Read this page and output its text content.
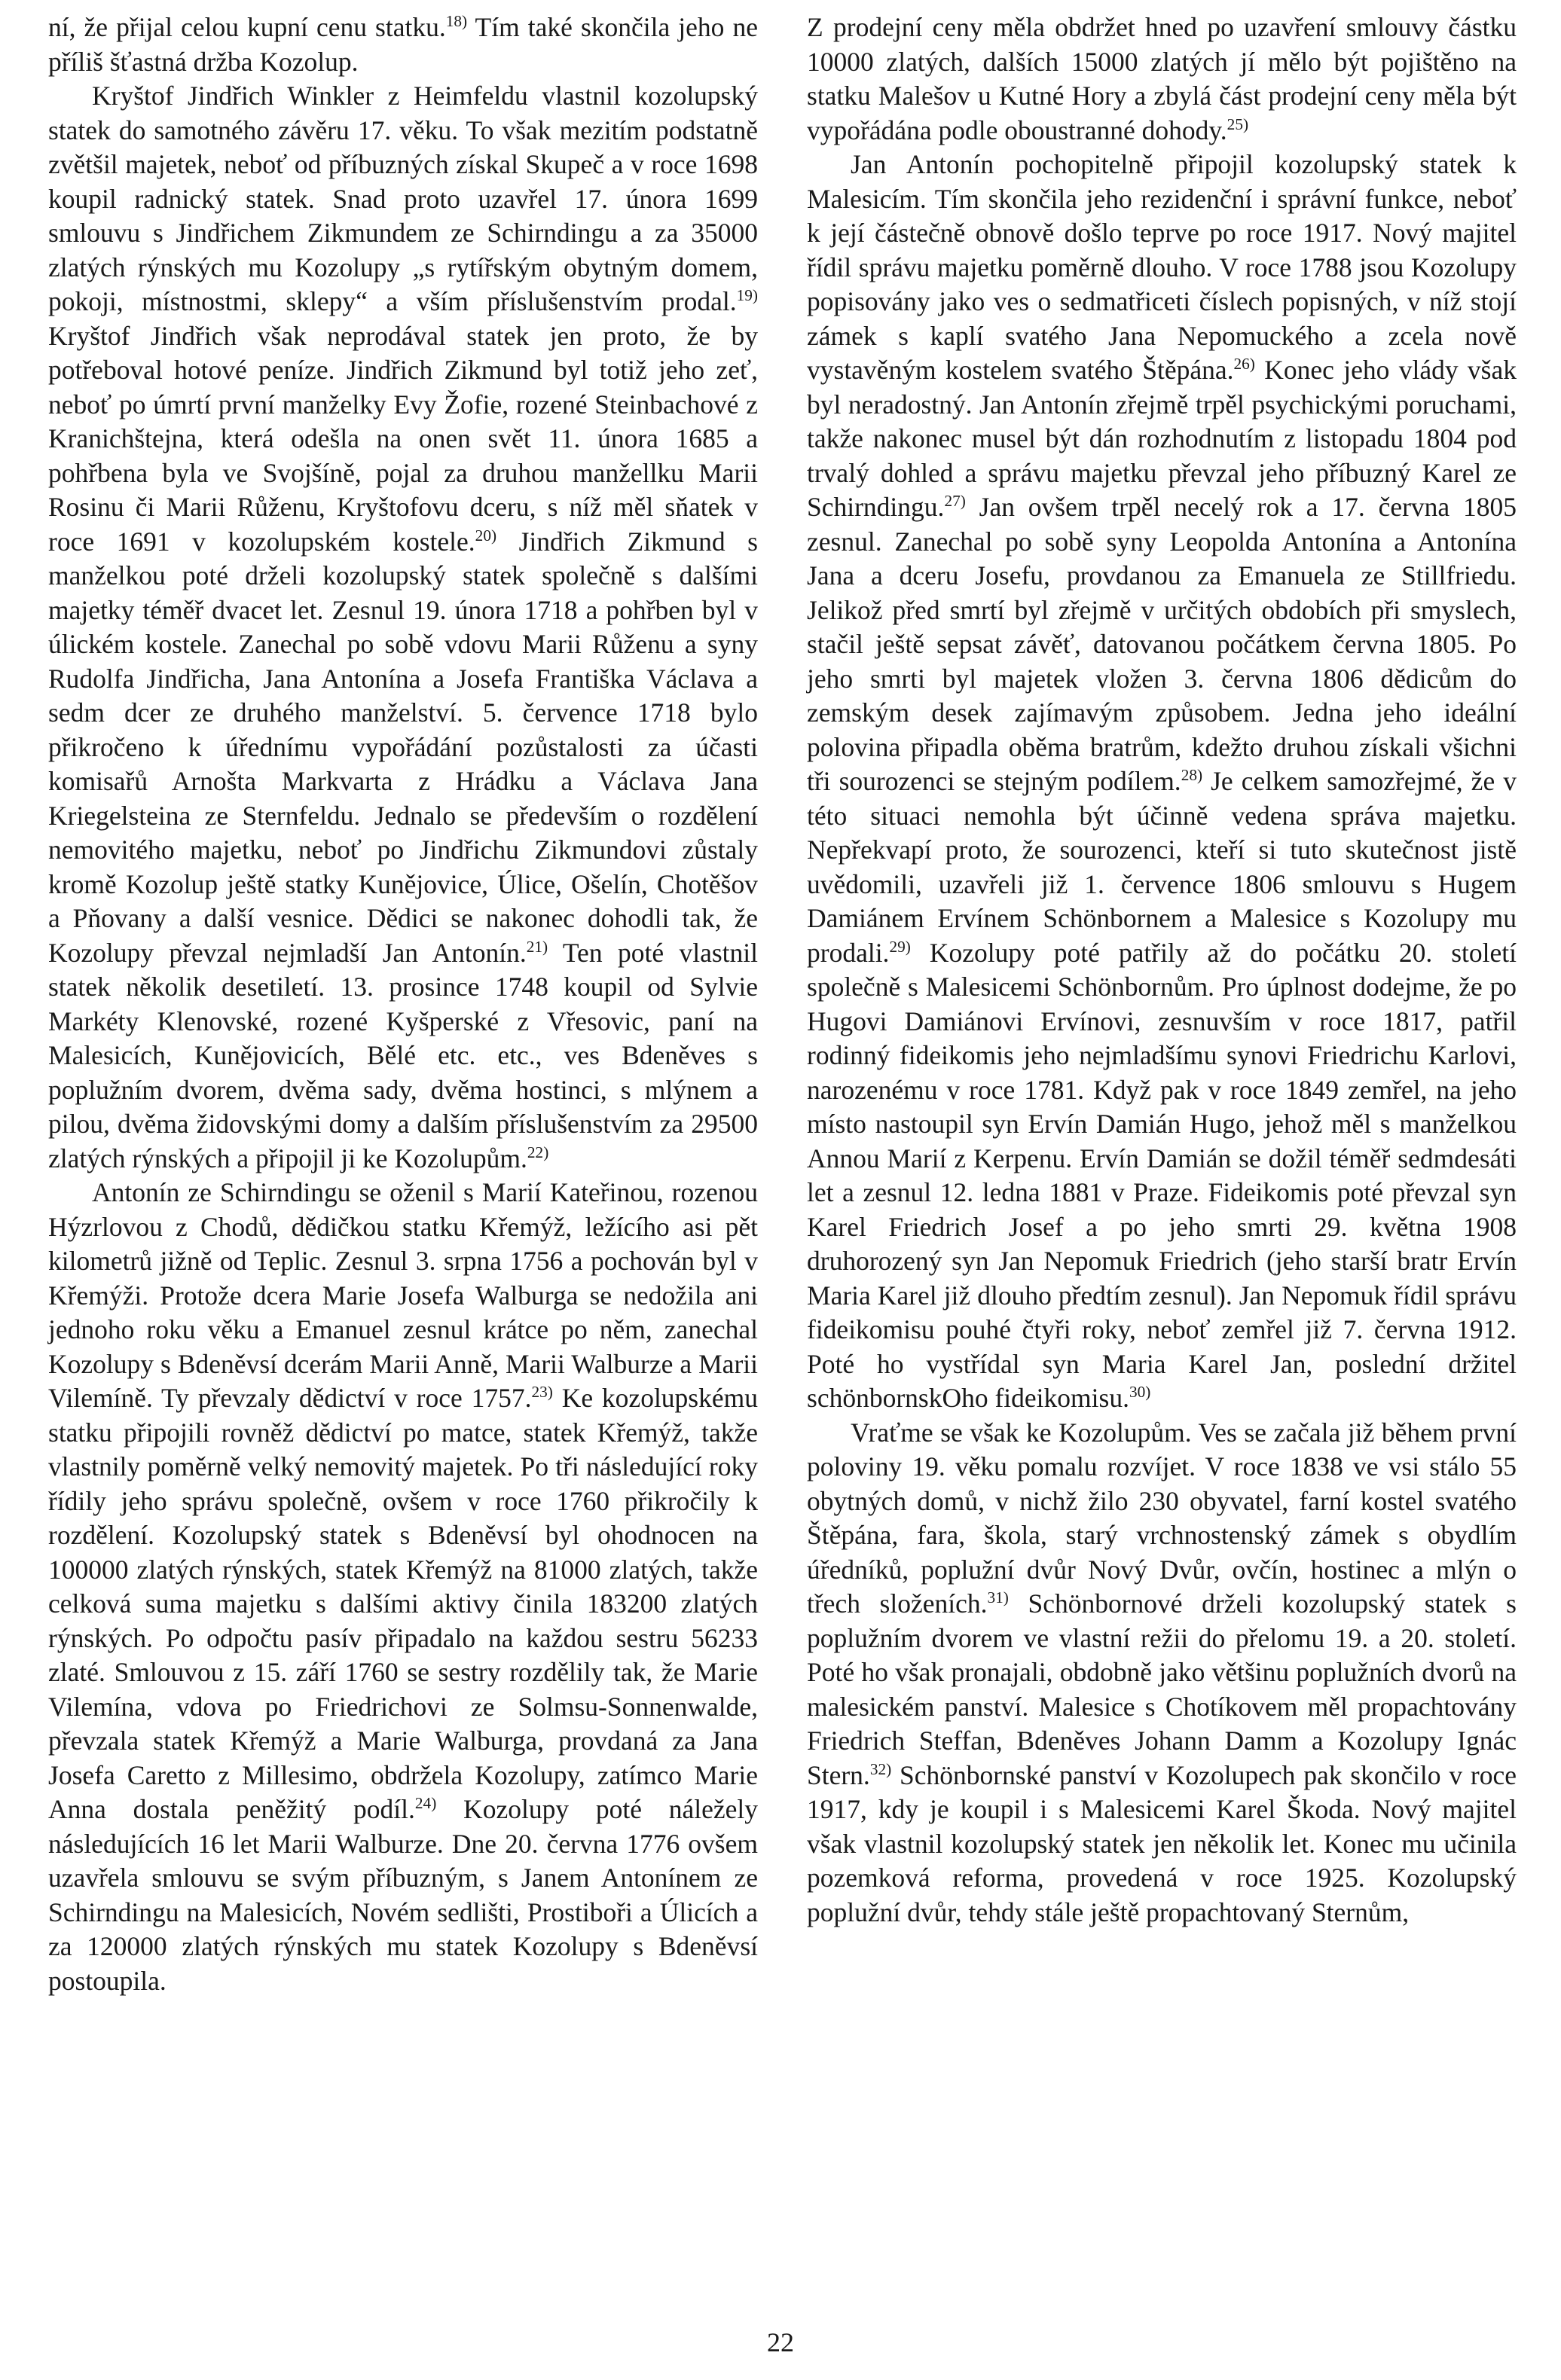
ní, že přijal celou kupní cenu statku.$^{18)}$ Tím také skončila jeho ne příliš šťastná držba Kozolup.

Kryštof Jindřich Winkler z Heimfeldu vlastnil kozolupský statek do samotného závěru 17. věku. To však mezitím podstatně zvětšil majetek, neboť od příbuzných získal Skupeč a v roce 1698 koupil radnický statek. Snad proto uzavřel 17. února 1699 smlouvu s Jindřichem Zikmundem ze Schirndingu a za 35000 zlatých rýnských mu Kozolupy „s rytířským obytným domem, pokoji, místnostmi, sklepy“ a vším příslušenstvím prodal.$^{19)}$ Kryštof Jindřich však neprodával statek jen proto, že by potřeboval hotové peníze. Jindřich Zikmund byl totiž jeho zeť, neboť po úmrtí první manželky Evy Žofie, rozené Steinbachové z Kranichštejna, která odešla na onen svět 11. února 1685 a pohřbena byla ve Svojšíně, pojal za druhou manžellku Marii Rosinu či Marii Růženu, Kryštofovu dceru, s níž měl sňatek v roce 1691 v kozolupském kostele.$^{20)}$ Jindřich Zikmund s manželkou poté drželi kozolupský statek společně s dalšími majetky téměř dvacet let. Zesnul 19. února 1718 a pohřben byl v úlickém kostele. Zanechal po sobě vdovu Marii Růženu a syny Rudolfa Jindřicha, Jana Antonína a Josefa Františka Václava a sedm dcer ze druhého manželství. 5. července 1718 bylo přikročeno k úřednímu vypořádání pozůstalosti za účasti komisařů Arnošta Markvarta z Hrádku a Václava Jana Kriegelsteina ze Sternfeldu. Jednalo se především o rozdělení nemovitého majetku, neboť po Jindřichu Zikmundovi zůstaly kromě Kozolup ještě statky Kunějovice, Úlice, Ošelín, Chotěšov a Pňovany a další vesnice. Dědici se nakonec dohodli tak, že Kozolupy převzal nejmladší Jan Antonín.$^{21)}$ Ten poté vlastnil statek několik desetiletí. 13. prosince 1748 koupil od Sylvie Markéty Klenovské, rozené Kyšperské z Vřesovic, paní na Malesicích, Kunějovicích, Bělé etc. etc., ves Bdeněves s poplužním dvorem, dvěma sady, dvěma hostinci, s mlýnem a pilou, dvěma židovskými domy a dalším příslušenstvím za 29500 zlatých rýnských a připojil ji ke Kozolupům.$^{22)}$

Antonín ze Schirndingu se oženil s Marií Kateřinou, rozenou Hýzrlovou z Chodů, dědičkou statku Křemýž, ležícího asi pět kilometrů jižně od Teplic. Zesnul 3. srpna 1756 a pochován byl v Křemýži. Protože dcera Marie Josefa Walburga se nedožila ani jednoho roku věku a Emanuel zesnul krátce po něm, zanechal Kozolupy s Bdeněvsí dcerám Marii Anně, Marii Walburze a Marii Vilemíně. Ty převzaly dědictví v roce 1757.$^{23)}$ Ke kozolupskému statku připojili rovněž dědictví po matce, statek Křemýž, takže vlastnily poměrně velký nemovitý majetek. Po tři následující roky řídily jeho správu společně, ovšem v roce 1760 přikročily k rozdělení. Kozolupský statek s Bdeněvsí byl ohodnocen na 100000 zlatých rýnských, statek Křemýž na 81000 zlatých, takže celková suma majetku s dalšími aktivy činila 183200 zlatých rýnských. Po odpočtu pasív připadalo na každou sestru 56233 zlaté. Smlouvou z 15. září 1760 se sestry rozdělily tak, že Marie Vilemína, vdova po Friedrichovi ze Solmsu-Sonnenwalde, převzala statek Křemýž a Marie Walburga, provdaná za Jana Josefa Caretto z Millesimo, obdržela Kozolupy, zatímco Marie Anna dostala peněžitý podíl.$^{24)}$ Kozolupy poté náležely následujících 16 let Marii Walburze. Dne 20. června 1776 ovšem uzavřela smlouvu se svým příbuzným, s Janem Antonínem ze Schirndingu na Malesicích, Novém sedlišti, Prostiboři a Úlicích a za 120000 zlatých rýnských mu statek Kozolupy s Bdeněvsí postoupila.

Z prodejní ceny měla obdržet hned po uzavření smlouvy částku 10000 zlatých, dalších 15000 zlatých jí mělo být pojištěno na statku Malešov u Kutné Hory a zbylá část prodejní ceny měla být vypořádána podle oboustranné dohody.$^{25)}$

Jan Antonín pochopitelně připojil kozolupský statek k Malesicím. Tím skončila jeho rezidenční i správní funkce, neboť k její částečně obnově došlo teprve po roce 1917. Nový majitel řídil správu majetku poměrně dlouho. V roce 1788 jsou Kozolupy popisovány jako ves o sedmatřiceti číslech popisných, v níž stojí zámek s kaplí svatého Jana Nepomuckého a zcela nově vystavěným kostelem svatého Štěpána.$^{26)}$ Konec jeho vlády však byl neradostný. Jan Antonín zřejmě trpěl psychickými poruchami, takže nakonec musel být dán rozhodnutím z listopadu 1804 pod trvalý dohled a správu majetku převzal jeho příbuzný Karel ze Schirndingu.$^{27)}$ Jan ovšem trpěl necelý rok a 17. června 1805 zesnul. Zanechal po sobě syny Leopolda Antonína a Antonína Jana a dceru Josefu, provdanou za Emanuela ze Stillfriedu. Jelikož před smrtí byl zřejmě v určitých obdobích při smyslech, stačil ještě sepsat závěť, datovanou počátkem června 1805. Po jeho smrti byl majetek vložen 3. června 1806 dědicům do zemským desek zajímavým způsobem. Jedna jeho ideální polovina připadla oběma bratrům, kdežto druhou získali všichni tři sourozenci se stejným podílem.$^{28)}$ Je celkem samozřejmé, že v této situaci nemohla být účinně vedena správa majetku. Nepřekvapí proto, že sourozenci, kteří si tuto skutečnost jistě uvědomili, uzavřeli již 1. července 1806 smlouvu s Hugem Damiánem Ervínem Schönbornem a Malesice s Kozolupy mu prodali.$^{29)}$ Kozolupy poté patřily až do počátku 20. století společně s Malesicemi Schönbornům. Pro úplnost dodejme, že po Hugovi Damiánovi Ervínovi, zesnuvším v roce 1817, patřil rodinný fideikomis jeho nejmladšímu synovi Friedrichu Karlovi, narozenému v roce 1781. Když pak v roce 1849 zemřel, na jeho místo nastoupil syn Ervín Damián Hugo, jehož měl s manželkou Annou Marií z Kerpenu. Ervín Damián se dožil téměř sedmdesáti let a zesnul 12. ledna 1881 v Praze. Fideikomis poté převzal syn Karel Friedrich Josef a po jeho smrti 29. května 1908 druhorozený syn Jan Nepomuk Friedrich (jeho starší bratr Ervín Maria Karel již dlouho předtím zesnul). Jan Nepomuk řídil správu fideikomisu pouhé čtyři roky, neboť zemřel již 7. června 1912. Poté ho vystřídal syn Maria Karel Jan, poslední držitel schönbornskOho fideikomisu.$^{30)}$

Vraťme se však ke Kozolupům. Ves se začala již během první poloviny 19. věku pomalu rozvíjet. V roce 1838 ve vsi stálo 55 obytných domů, v nichž žilo 230 obyvatel, farní kostel svatého Štěpána, fara, škola, starý vrchnostenský zámek s obydlím úředníků, poplužní dvůr Nový Dvůr, ovčín, hostinec a mlýn o třech složeních.$^{31)}$ Schönbornové drželi kozolupský statek s poplužním dvorem ve vlastní režii do přelomu 19. a 20. století. Poté ho však pronajali, obdobně jako většinu poplužních dvorů na malesickém panství. Malesice s Chotíkovem měl propachtovány Friedrich Steffan, Bdeněves Johann Damm a Kozolupy Ignác Stern.$^{32)}$ Schönbornské panství v Kozolupech pak skončilo v roce 1917, kdy je koupil i s Malesicemi Karel Škoda. Nový majitel však vlastnil kozolupský statek jen několik let. Konec mu učinila pozemková reforma, provedená v roce 1925. Kozolupský poplužní dvůr, tehdy stále ještě propachtovaný Sternům,

22
